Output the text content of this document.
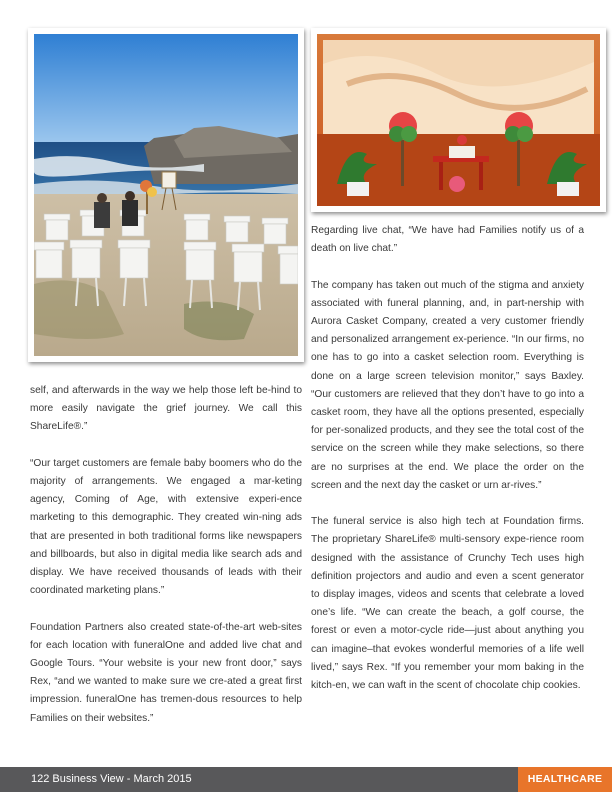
self, and afterwards in the way we help those left be-hind to more easily navigate the grief journey. We call this ShareLife®.”

“Our target customers are female baby boomers who do the majority of arrangements. We engaged a mar-keting agency, Coming of Age, with extensive experi-ence marketing to this demographic. They created win-ning ads that are presented in both traditional forms like newspapers and billboards, but also in digital media like search ads and display. We have received thousands of leads with their coordinated marketing plans.”

Foundation Partners also created state-of-the-art web-sites for each location with funeralOne and added live chat and Google Tours. “Your website is your new front door,” says Rex, “and we wanted to make sure we cre-ated a great first impression. funeralOne has tremen-dous resources to help Families on their websites.”

Regarding live chat, “We have had Families notify us of a death on live chat.”

The company has taken out much of the stigma and anxiety associated with funeral planning, and, in part-nership with Aurora Casket Company, created a very customer friendly and personalized arrangement ex-perience. “In our firms, no one has to go into a casket selection room. Everything is done on a large screen television monitor,” says Baxley. “Our customers are relieved that they don’t have to go into a casket room, they have all the options presented, especially for per-sonalized products, and they see the total cost of the service on the screen while they make selections, so there are no surprises at the end. We place the order on the screen and the next day the casket or urn ar-rives.”

The funeral service is also high tech at Foundation firms. The proprietary ShareLife® multi-sensory expe-rience room designed with the assistance of Crunchy Tech uses high definition projectors and audio and even a scent generator to display images, videos and scents that celebrate a loved one’s life. “We can create the beach, a golf course, the forest or even a motor-cycle ride—just about anything you can imagine–that evokes wonderful memories of a life well lived,” says Rex. “If you remember your mom baking in the kitch-en, we can waft in the scent of chocolate chip cookies.

122 Business View - March 2015	HEALTHCARE
